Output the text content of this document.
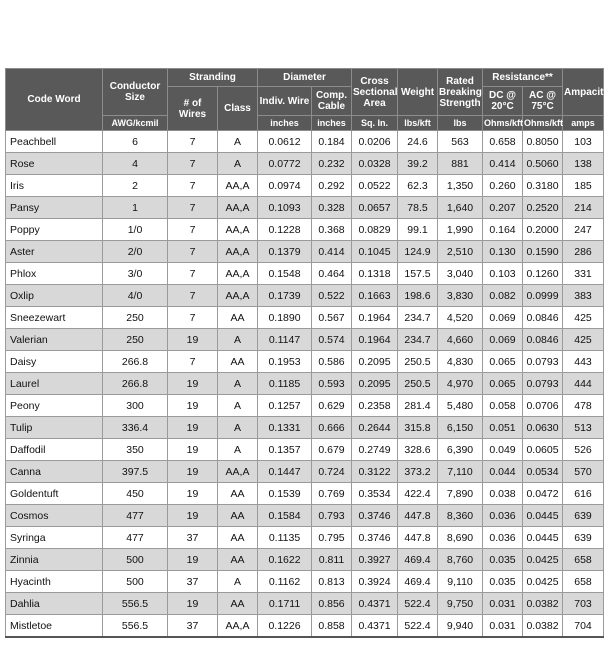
Code Word	Conductor Size	Stranding		Diameter		Cross Sectional Area	Weight	Rated Breaking Strength	Resistance**		Ampacity*
		# of Wires	Class	Indiv. Wire	Comp. Cable				DC @ 20°C	AC @ 75°C	
	AWG/kcmil			inches	inches	Sq. In.	lbs/kft	lbs	Ohms/kft	Ohms/kft	amps
Peachbell	6	7	A	0.0612	0.184	0.0206	24.6	563	0.658	0.8050	103
Rose	4	7	A	0.0772	0.232	0.0328	39.2	881	0.414	0.5060	138
Iris	2	7	AA,A	0.0974	0.292	0.0522	62.3	1,350	0.260	0.3180	185
Pansy	1	7	AA,A	0.1093	0.328	0.0657	78.5	1,640	0.207	0.2520	214
Poppy	1/0	7	AA,A	0.1228	0.368	0.0829	99.1	1,990	0.164	0.2000	247
Aster	2/0	7	AA,A	0.1379	0.414	0.1045	124.9	2,510	0.130	0.1590	286
Phlox	3/0	7	AA,A	0.1548	0.464	0.1318	157.5	3,040	0.103	0.1260	331
Oxlip	4/0	7	AA,A	0.1739	0.522	0.1663	198.6	3,830	0.082	0.0999	383
Sneezewart	250	7	AA	0.1890	0.567	0.1964	234.7	4,520	0.069	0.0846	425
Valerian	250	19	A	0.1147	0.574	0.1964	234.7	4,660	0.069	0.0846	425
Daisy	266.8	7	AA	0.1953	0.586	0.2095	250.5	4,830	0.065	0.0793	443
Laurel	266.8	19	A	0.1185	0.593	0.2095	250.5	4,970	0.065	0.0793	444
Peony	300	19	A	0.1257	0.629	0.2358	281.4	5,480	0.058	0.0706	478
Tulip	336.4	19	A	0.1331	0.666	0.2644	315.8	6,150	0.051	0.0630	513
Daffodil	350	19	A	0.1357	0.679	0.2749	328.6	6,390	0.049	0.0605	526
Canna	397.5	19	AA,A	0.1447	0.724	0.3122	373.2	7,110	0.044	0.0534	570
Goldentuft	450	19	AA	0.1539	0.769	0.3534	422.4	7,890	0.038	0.0472	616
Cosmos	477	19	AA	0.1584	0.793	0.3746	447.8	8,360	0.036	0.0445	639
Syringa	477	37	AA	0.1135	0.795	0.3746	447.8	8,690	0.036	0.0445	639
Zinnia	500	19	AA	0.1622	0.811	0.3927	469.4	8,760	0.035	0.0425	658
Hyacinth	500	37	A	0.1162	0.813	0.3924	469.4	9,110	0.035	0.0425	658
Dahlia	556.5	19	AA	0.1711	0.856	0.4371	522.4	9,750	0.031	0.0382	703
Mistletoe	556.5	37	AA,A	0.1226	0.858	0.4371	522.4	9,940	0.031	0.0382	704
